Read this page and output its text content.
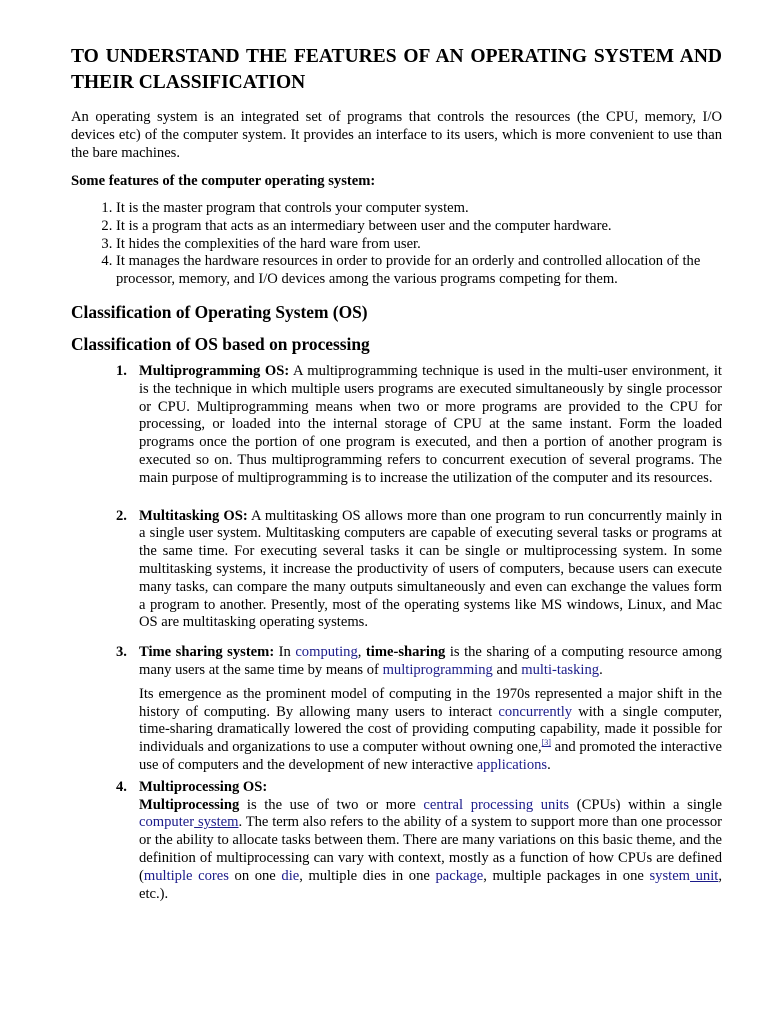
TO UNDERSTAND THE FEATURES OF AN OPERATING SYSTEM AND THEIR CLASSIFICATION

An operating system is an integrated set of programs that controls the resources (the CPU, memory, I/O devices etc) of the computer system. It provides an interface to its users, which is more convenient to use than the bare machines.

Some features of the computer operating system:

1. It is the master program that controls your computer system.
2. It is a program that acts as an intermediary between user and the computer hardware.
3. It hides the complexities of the hard ware from user.
4. It manages the hardware resources in order to provide for an orderly and controlled allocation of the processor, memory, and I/O devices among the various programs competing for them.
Classification of Operating System (OS)
Classification of OS based on processing
1. Multiprogramming OS: A multiprogramming technique is used in the multi-user environment, it is the technique in which multiple users programs are executed simultaneously by single processor or CPU. Multiprogramming means when two or more programs are provided to the CPU for processing, or loaded into the internal storage of CPU at the same instant. Form the loaded programs once the portion of one program is executed, and then a portion of another program is executed so on. Thus multiprogramming refers to concurrent execution of several programs. The main purpose of multiprogramming is to increase the utilization of the computer and its resources.
2. Multitasking OS: A multitasking OS allows more than one program to run concurrently mainly in a single user system. Multitasking computers are capable of executing several tasks or programs at the same time. For executing several tasks it can be single or multiprocessing system. In some multitasking systems, it increase the productivity of users of computers, because users can execute many tasks, can compare the many outputs simultaneously and even can exchange the values form a program to another. Presently, most of the operating systems like MS windows, Linux, and Mac OS are multitasking operating systems.
3. Time sharing system: In computing, time-sharing is the sharing of a computing resource among many users at the same time by means of multiprogramming and multi-tasking.

Its emergence as the prominent model of computing in the 1970s represented a major shift in the history of computing. By allowing many users to interact concurrently with a single computer, time-sharing dramatically lowered the cost of providing computing capability, made it possible for individuals and organizations to use a computer without owning one,[3] and promoted the interactive use of computers and the development of new interactive applications.

4. Multiprocessing OS:

Multiprocessing is the use of two or more central processing units (CPUs) within a single computer system. The term also refers to the ability of a system to support more than one processor or the ability to allocate tasks between them. There are many variations on this basic theme, and the definition of multiprocessing can vary with context, mostly as a function of how CPUs are defined (multiple cores on one die, multiple dies in one package, multiple packages in one system unit, etc.).
